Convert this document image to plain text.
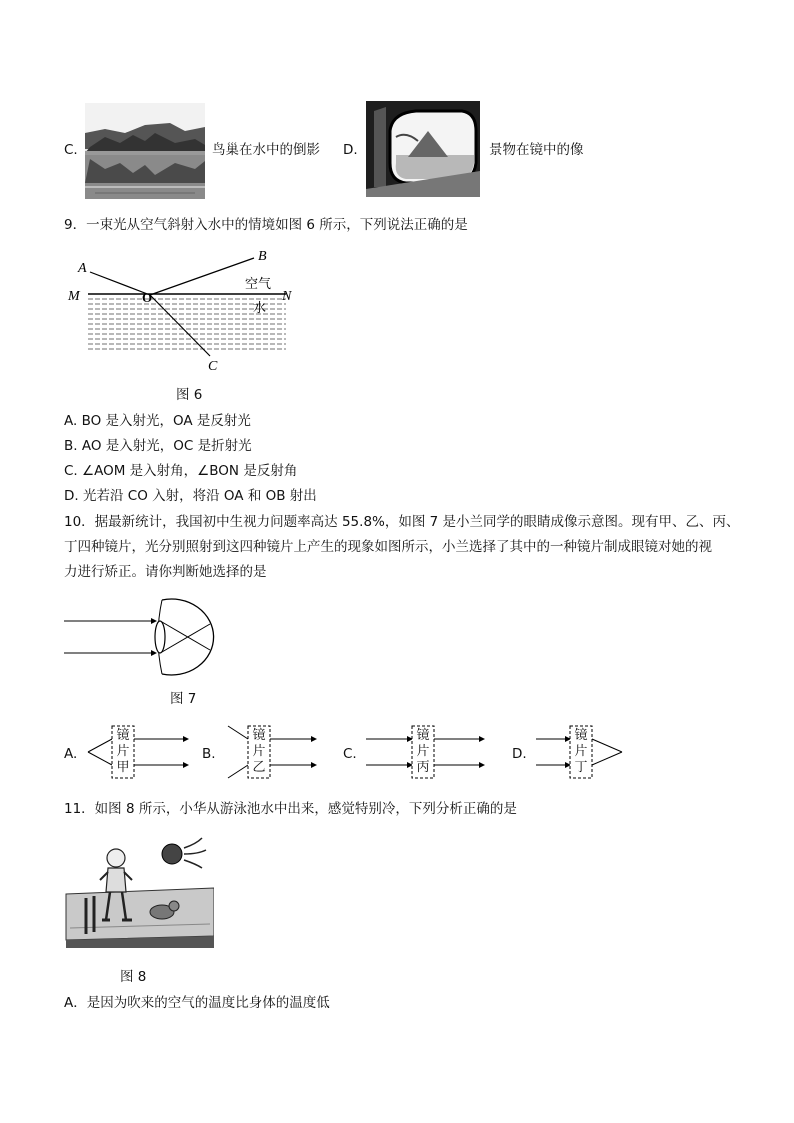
C.	鸟巢在水中的倒影 D.	景物在镜中的像
9．一束光从空气斜射入水中的情境如图 6 所示，下列说法正确的是
A
B
M	N
O
C
空气
水
图 6
A. BO 是入射光，OA 是反射光
B. AO 是入射光，OC 是折射光
C. ∠AOM 是入射角，∠BON 是反射角
D. 光若沿 CO 入射，将沿 OA 和 OB 射出
10．据最新统计，我国初中生视力问题率高达 55.8%，如图 7 是小兰同学的眼睛成像示意图。现有甲、乙、丙、
丁四种镜片，光分别照射到这四种镜片上产生的现象如图所示，小兰选择了其中的一种镜片制成眼镜对她的视
力进行矫正。请你判断她选择的是
图 7
A.
镜
片
甲
B.
镜
片
乙
C.
镜
片
丙
D.
镜
片
丁
11．如图 8 所示，小华从游泳池水中出来，感觉特别冷，下列分析正确的是
图 8
A．是因为吹来的空气的温度比身体的温度低
